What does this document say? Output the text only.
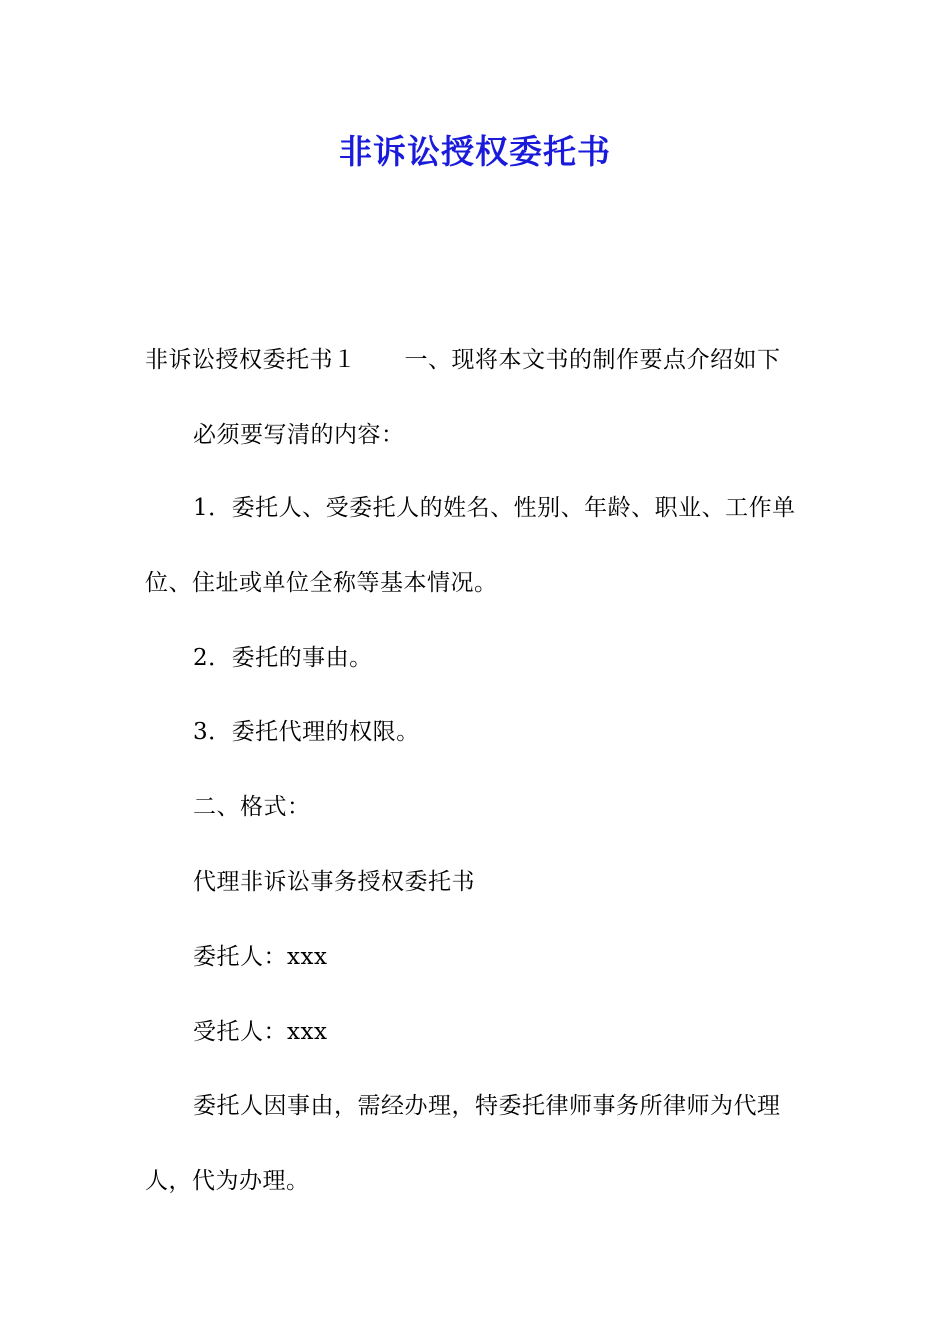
非诉讼授权委托书
非诉讼授权委托书１ 一、现将本文书的制作要点介绍如下
必须要写清的内容：
1．委托人、受委托人的姓名、性别、年龄、职业、工作单
位、住址或单位全称等基本情况。
2．委托的事由。
3．委托代理的权限。
二、格式：
代理非诉讼事务授权委托书
委托人：xxx
受托人：xxx
委托人因事由，需经办理，特委托律师事务所律师为代理
人，代为办理。
